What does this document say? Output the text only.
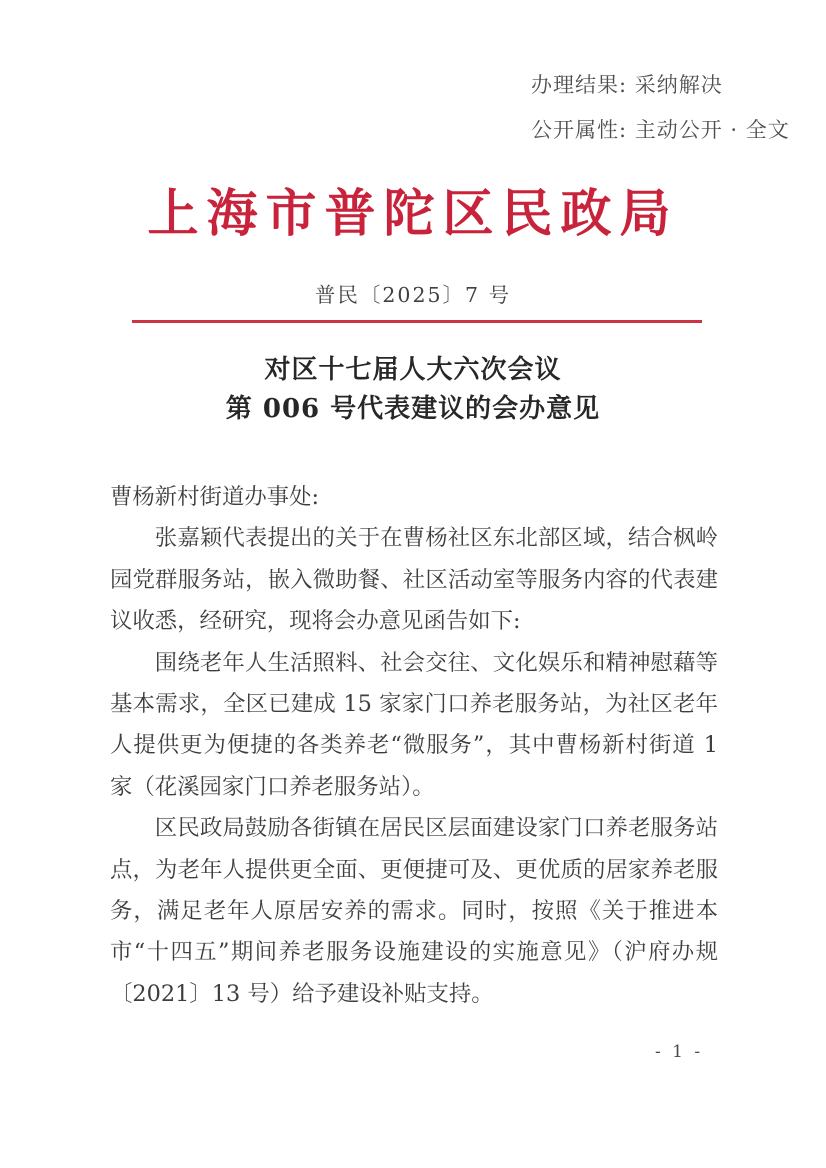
办理结果: 采纳解决
公开属性: 主动公开 · 全文
上海市普陀区民政局
普民〔2025〕7 号
对区十七届人大六次会议
第 006 号代表建议的会办意见

曹杨新村街道办事处:

张嘉颖代表提出的关于在曹杨社区东北部区域，结合枫岭园党群服务站，嵌入微助餐、社区活动室等服务内容的代表建议收悉，经研究，现将会办意见函告如下:

围绕老年人生活照料、社会交往、文化娱乐和精神慰藉等基本需求，全区已建成 15 家家门口养老服务站，为社区老年人提供更为便捷的各类养老“微服务”，其中曹杨新村街道 1 家（花溪园家门口养老服务站）。

区民政局鼓励各街镇在居民区层面建设家门口养老服务站点，为老年人提供更全面、更便捷可及、更优质的居家养老服务，满足老年人原居安养的需求。同时，按照《关于推进本市“十四五”期间养老服务设施建设的实施意见》（沪府办规〔2021〕13 号）给予建设补贴支持。

- 1 -
